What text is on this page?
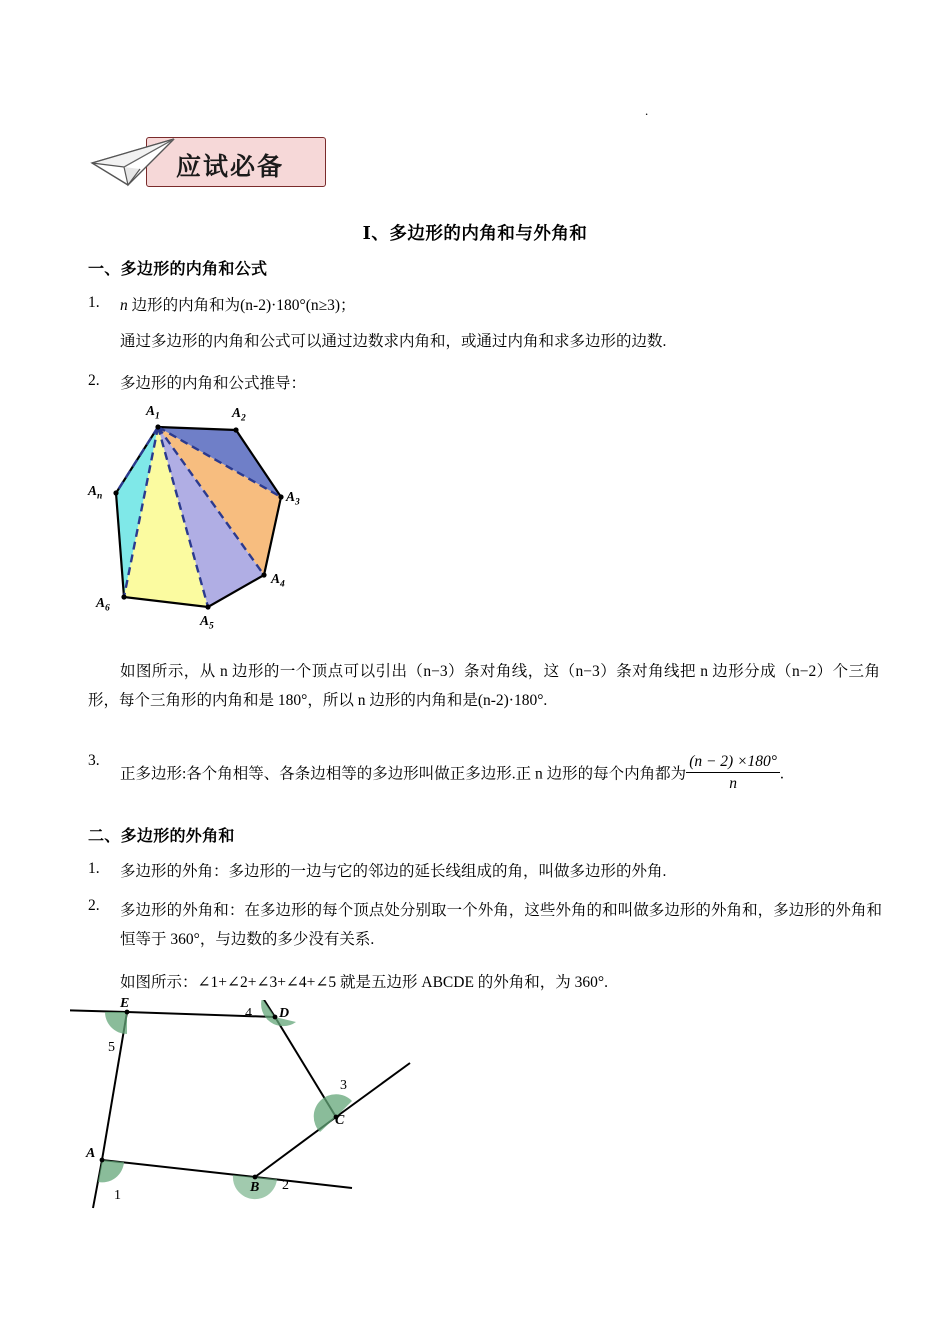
.
应试必备
Ⅰ、多边形的内角和与外角和
一、多边形的内角和公式
1. n 边形的内角和为(n-2)·180°(n≥3)；
通过多边形的内角和公式可以通过边数求内角和，或通过内角和求多边形的边数.
2. 多边形的内角和公式推导：
$A_1$	$A_2$
$A_3$
$A_4$
$A_5$
$A_6$
$A_n$
如图所示，从 n 边形的一个顶点可以引出（n−3）条对角线，这（n−3）条对角线把 n 边形分成（n−2）个三角形，每个三角形的内角和是 180°，所以 n 边形的内角和是(n-2)·180°.
3.
正多边形:各个角相等、各条边相等的多边形叫做正多边形.正 n 边形的每个内角都为 $\frac{(n - 2) \times 180^\circ}{n}$ .
二、多边形的外角和
1. 多边形的外角：多边形的一边与它的邻边的延长线组成的角，叫做多边形的外角.
2. 多边形的外角和：在多边形的每个顶点处分别取一个外角，这些外角的和叫做多边形的外角和，多边形的外角和恒等于 360°，与边数的多少没有关系.
如图所示：∠1+∠2+∠3+∠4+∠5 就是五边形 ABCDE 的外角和，为 360°.
A
B
C
D
E
1
2
3
4
5
